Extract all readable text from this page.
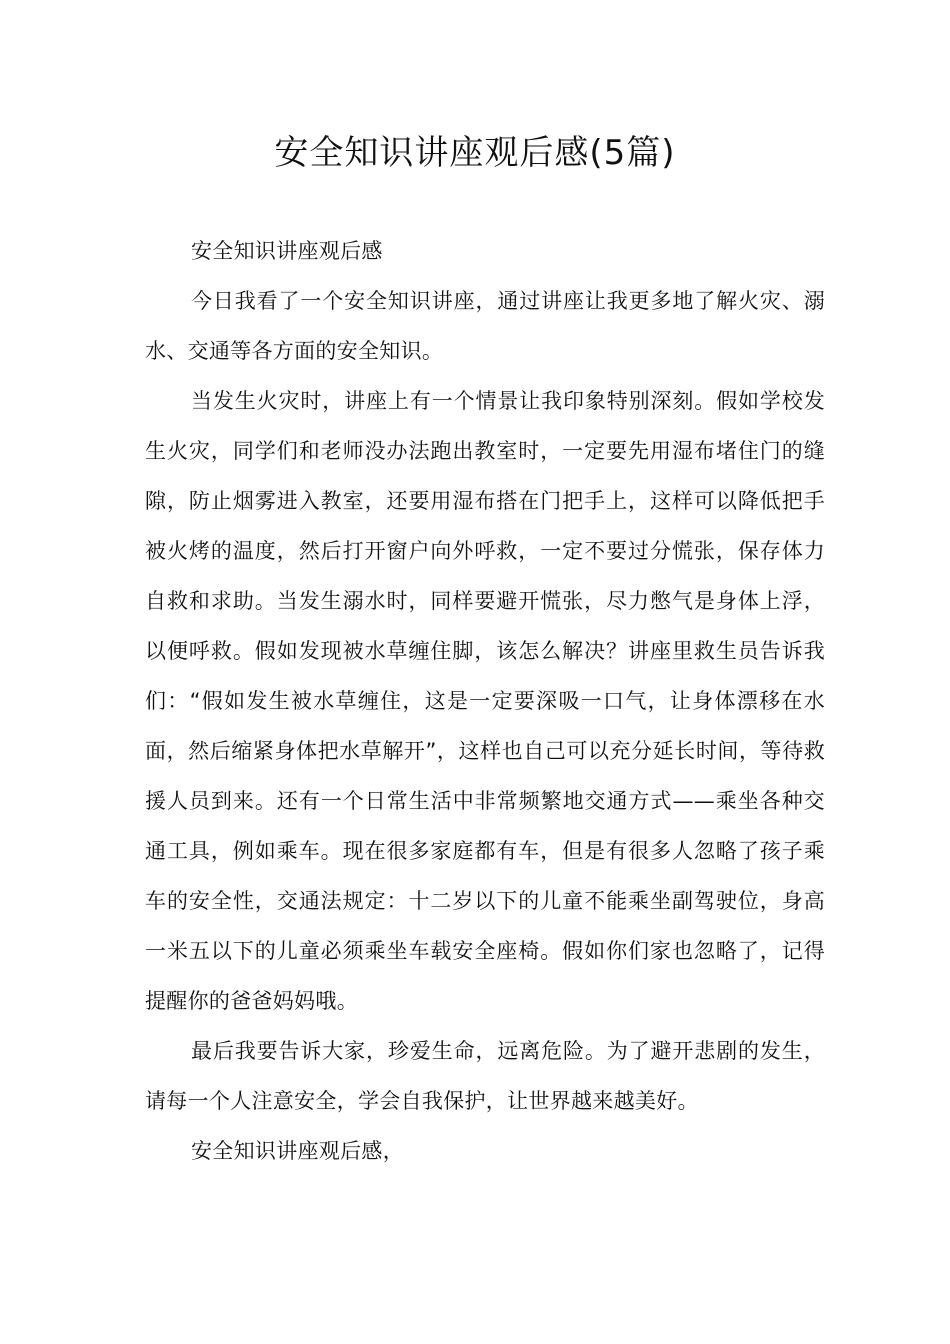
安全知识讲座观后感(5篇)

安全知识讲座观后感

今日我看了一个安全知识讲座，通过讲座让我更多地了解火灾、溺水、交通等各方面的安全知识。

当发生火灾时，讲座上有一个情景让我印象特别深刻。假如学校发生火灾，同学们和老师没办法跑出教室时，一定要先用湿布堵住门的缝隙，防止烟雾进入教室，还要用湿布搭在门把手上，这样可以降低把手被火烤的温度，然后打开窗户向外呼救，一定不要过分慌张，保存体力自救和求助。当发生溺水时，同样要避开慌张，尽力憋气是身体上浮，以便呼救。假如发现被水草缠住脚，该怎么解决？讲座里救生员告诉我们：“假如发生被水草缠住，这是一定要深吸一口气，让身体漂移在水面，然后缩紧身体把水草解开”，这样也自己可以充分延长时间，等待救援人员到来。还有一个日常生活中非常频繁地交通方式——乘坐各种交通工具，例如乘车。现在很多家庭都有车，但是有很多人忽略了孩子乘车的安全性，交通法规定：十二岁以下的儿童不能乘坐副驾驶位，身高一米五以下的儿童必须乘坐车载安全座椅。假如你们家也忽略了，记得提醒你的爸爸妈妈哦。

最后我要告诉大家，珍爱生命，远离危险。为了避开悲剧的发生，请每一个人注意安全，学会自我保护，让世界越来越美好。

安全知识讲座观后感，
